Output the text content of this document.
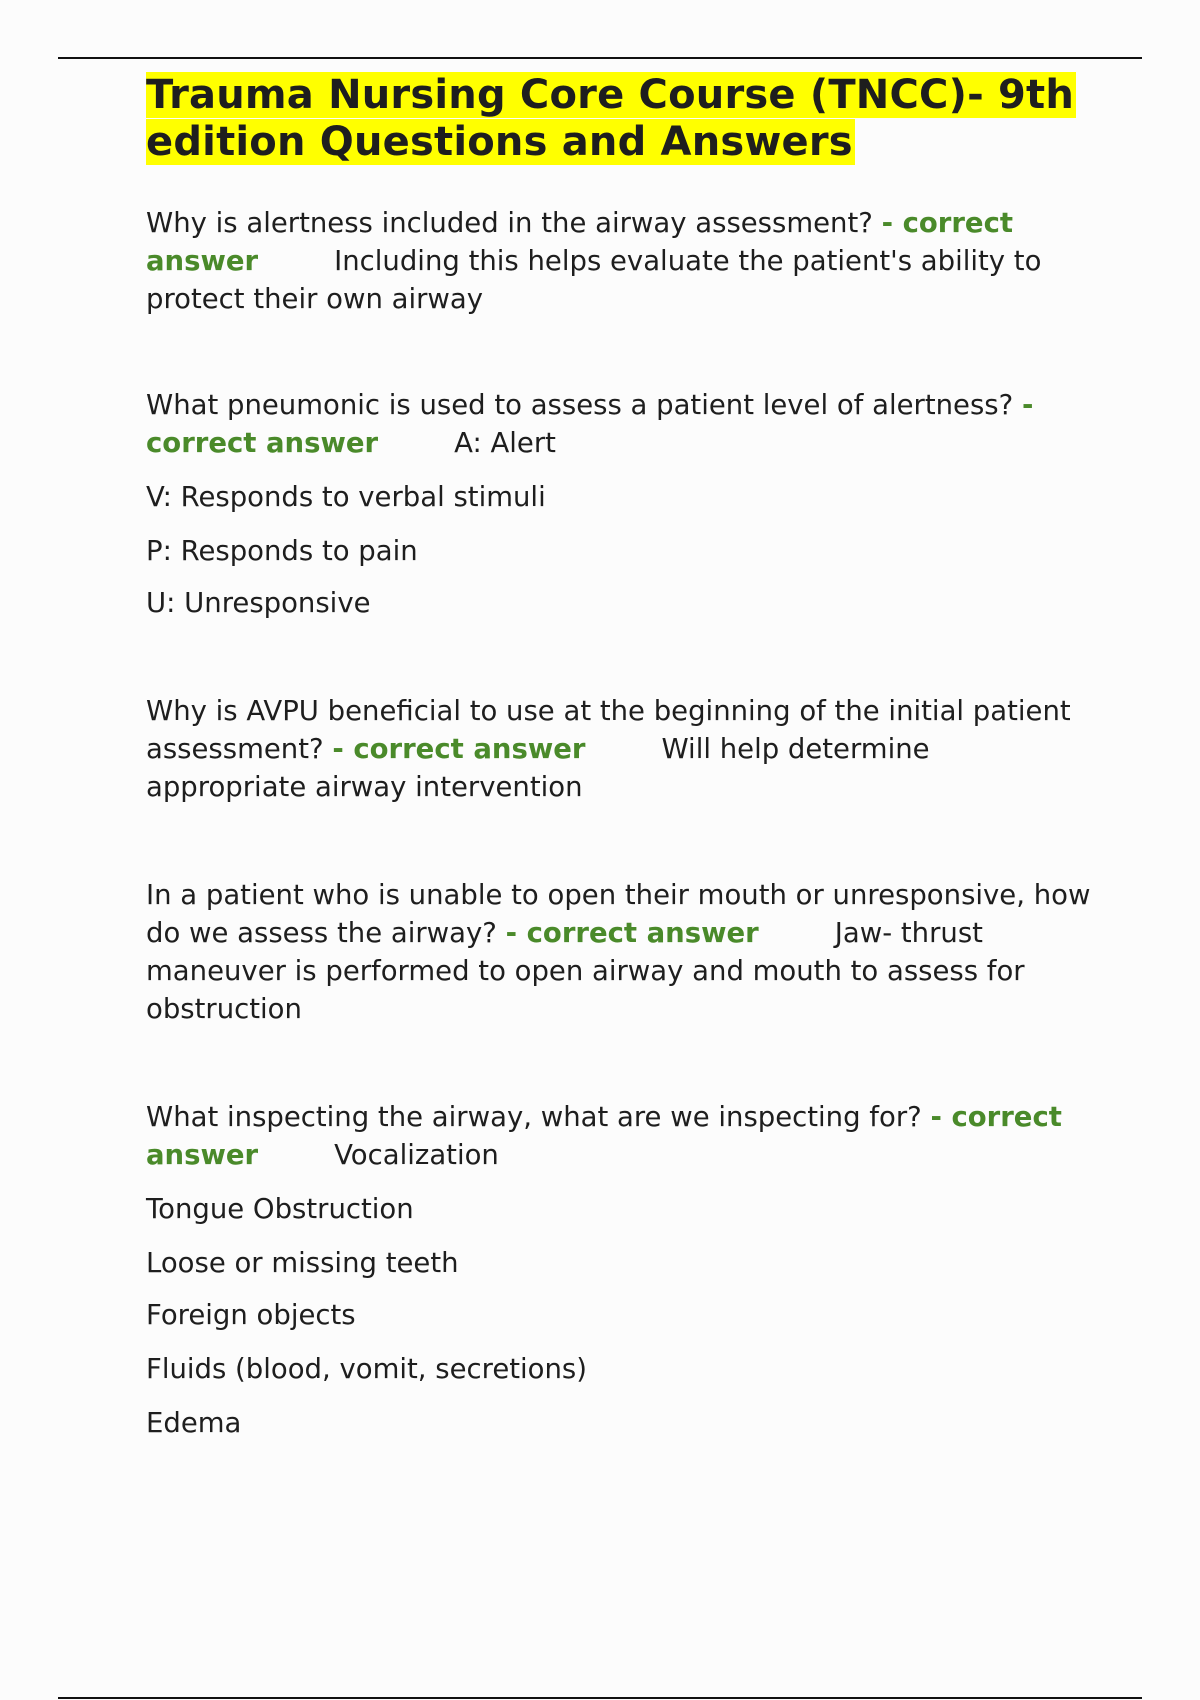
Trauma Nursing Core Course (TNCC)- 9th edition Questions and Answers
Why is alertness included in the airway assessment? - correct answer	Including this helps evaluate the patient's ability to protect their own airway
What pneumonic is used to assess a patient level of alertness? - correct answer	A: Alert
V: Responds to verbal stimuli
P: Responds to pain
U: Unresponsive
Why is AVPU beneficial to use at the beginning of the initial patient assessment? - correct answer	Will help determine appropriate airway intervention
In a patient who is unable to open their mouth or unresponsive, how do we assess the airway? - correct answer	Jaw- thrust maneuver is performed to open airway and mouth to assess for obstruction
What inspecting the airway, what are we inspecting for? - correct answer	Vocalization
Tongue Obstruction
Loose or missing teeth
Foreign objects
Fluids (blood, vomit, secretions)
Edema
